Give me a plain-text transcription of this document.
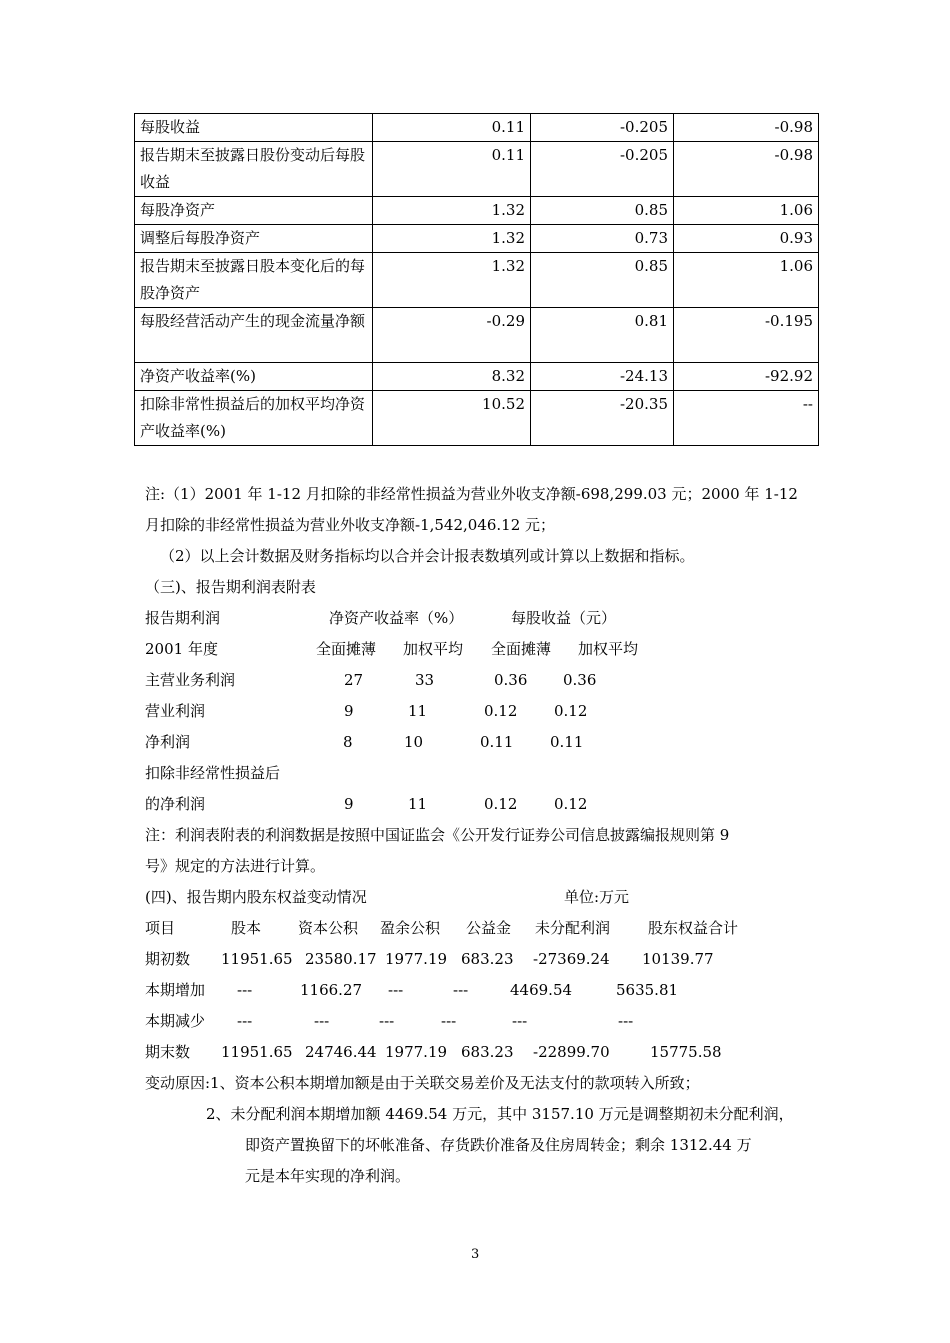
每股收益	0.11	-0.205	-0.98
报告期末至披露日股份变动后每股收益	0.11	-0.205	-0.98
每股净资产	1.32	0.85	1.06
调整后每股净资产	1.32	0.73	0.93
报告期末至披露日股本变化后的每股净资产	1.32	0.85	1.06
每股经营活动产生的现金流量净额	-0.29	0.81	-0.195
净资产收益率(%)	8.32	-24.13	-92.92
扣除非常性损益后的加权平均净资产收益率(%)	10.52	-20.35	--
注:（1）2001 年 1-12 月扣除的非经常性损益为营业外收支净额-698,299.03 元；2000 年 1-12
月扣除的非经常性损益为营业外收支净额-1,542,046.12 元；
（2）以上会计数据及财务指标均以合并会计报表数填列或计算以上数据和指标。
（三)、报告期利润表附表
报告期利润	净资产收益率（%）	每股收益（元）
2001 年度	全面摊薄 加权平均 全面摊薄 加权平均
主营业务利润	27	33	0.36 0.36
营业利润	9	11	0.12 0.12
净利润	8	10	0.11 0.11
扣除非经常性损益后
的净利润	9	11	0.12 0.12
注：利润表附表的利润数据是按照中国证监会《公开发行证券公司信息披露编报规则第 9
号》规定的方法进行计算。
(四)、报告期内股东权益变动情况	单位:万元
项目	股本 资本公积 盈余公积 公益金 未分配利润	股东权益合计
期初数 11951.65 23580.17 1977.19 683.23 -27369.24 10139.77
本期增加 ---	1166.27 ---	---	4469.54	5635.81
本期减少 ---	---	---	---	---	---
期末数 11951.65 24746.44 1977.19 683.23 -22899.70	15775.58
变动原因:1、资本公积本期增加额是由于关联交易差价及无法支付的款项转入所致；
2、未分配利润本期增加额 4469.54 万元，其中 3157.10 万元是调整期初未分配利润，
即资产置换留下的坏帐准备、存货跌价准备及住房周转金；剩余 1312.44 万
元是本年实现的净利润。
3
